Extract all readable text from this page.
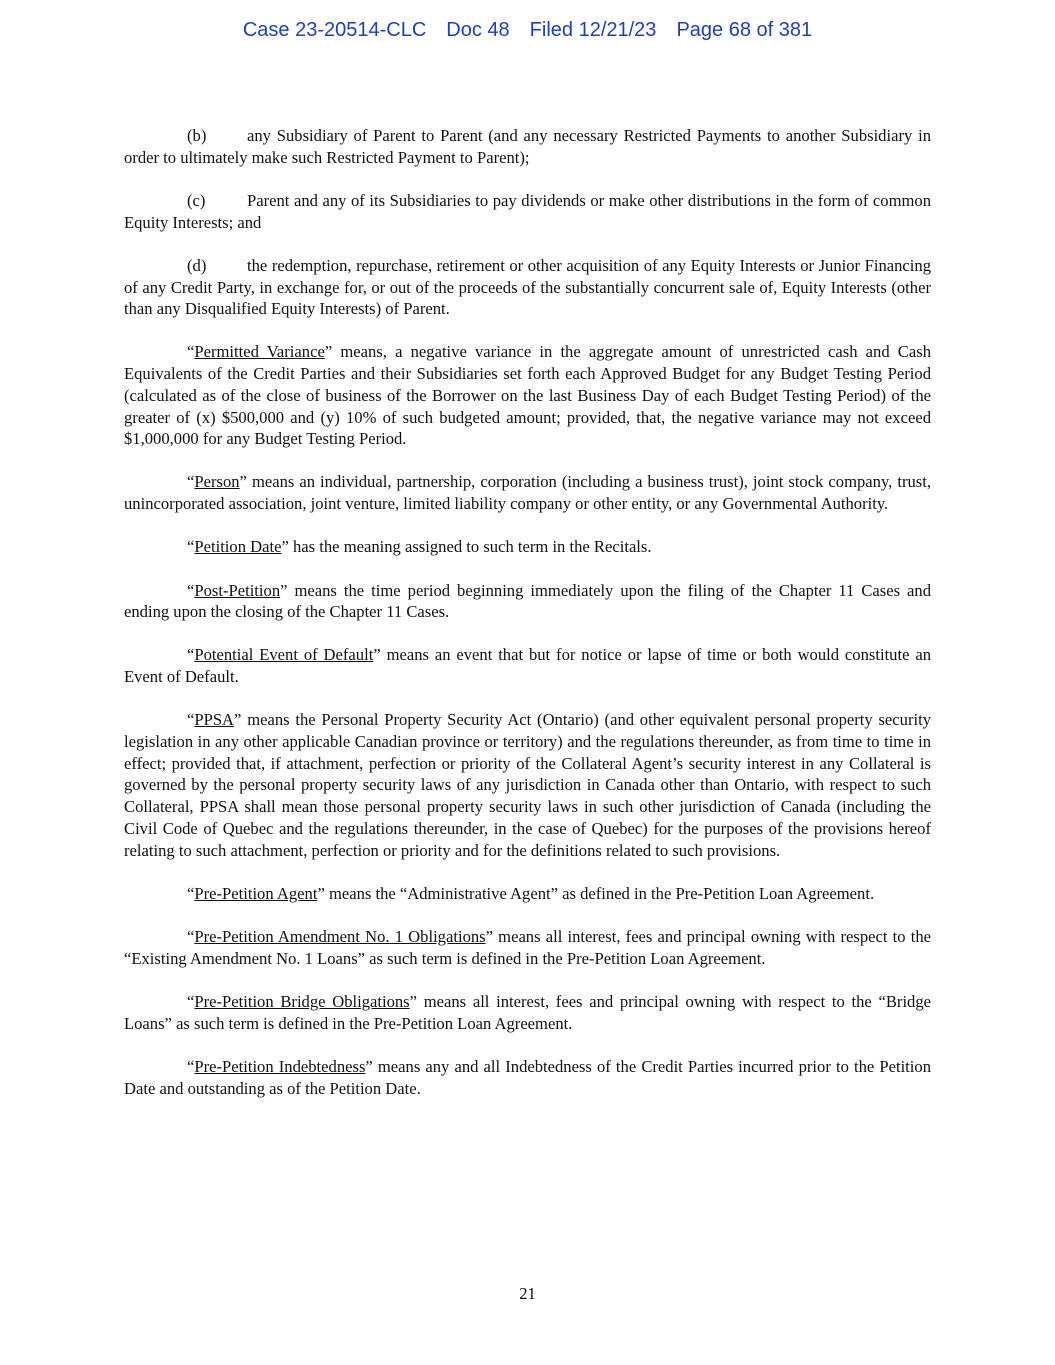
Case 23-20514-CLC Doc 48 Filed 12/21/23 Page 68 of 381

(b) any Subsidiary of Parent to Parent (and any necessary Restricted Payments to another Subsidiary in order to ultimately make such Restricted Payment to Parent);

(c)	Parent and any of its Subsidiaries to pay dividends or make other distributions in the form of common Equity Interests; and

(d) the redemption, repurchase, retirement or other acquisition of any Equity Interests or Junior Financing of any Credit Party, in exchange for, or out of the proceeds of the substantially concurrent sale of, Equity Interests (other than any Disqualified Equity Interests) of Parent.

“Permitted Variance” means, a negative variance in the aggregate amount of unrestricted cash and Cash Equivalents of the Credit Parties and their Subsidiaries set forth each Approved Budget for any Budget Testing Period (calculated as of the close of business of the Borrower on the last Business Day of each Budget Testing Period) of the greater of (x) $500,000 and (y) 10% of such budgeted amount; provided, that, the negative variance may not exceed $1,000,000 for any Budget Testing Period.

“Person” means an individual, partnership, corporation (including a business trust), joint stock company, trust, unincorporated association, joint venture, limited liability company or other entity, or any Governmental Authority.

“Petition Date” has the meaning assigned to such term in the Recitals.

“Post-Petition” means the time period beginning immediately upon the filing of the Chapter 11 Cases and ending upon the closing of the Chapter 11 Cases.

“Potential Event of Default” means an event that but for notice or lapse of time or both would constitute an Event of Default.

“PPSA” means the Personal Property Security Act (Ontario) (and other equivalent personal property security legislation in any other applicable Canadian province or territory) and the regulations thereunder, as from time to time in effect; provided that, if attachment, perfection or priority of the Collateral Agent’s security interest in any Collateral is governed by the personal property security laws of any jurisdiction in Canada other than Ontario, with respect to such Collateral, PPSA shall mean those personal property security laws in such other jurisdiction of Canada (including the Civil Code of Quebec and the regulations thereunder, in the case of Quebec) for the purposes of the provisions hereof relating to such attachment, perfection or priority and for the definitions related to such provisions.

“Pre-Petition Agent” means the “Administrative Agent” as defined in the Pre-Petition Loan Agreement.

“Pre-Petition Amendment No. 1 Obligations” means all interest, fees and principal owning with respect to the “Existing Amendment No. 1 Loans” as such term is defined in the Pre-Petition Loan Agreement.

“Pre-Petition Bridge Obligations” means all interest, fees and principal owning with respect to the “Bridge Loans” as such term is defined in the Pre-Petition Loan Agreement.

“Pre-Petition Indebtedness” means any and all Indebtedness of the Credit Parties incurred prior to the Petition Date and outstanding as of the Petition Date.

21
